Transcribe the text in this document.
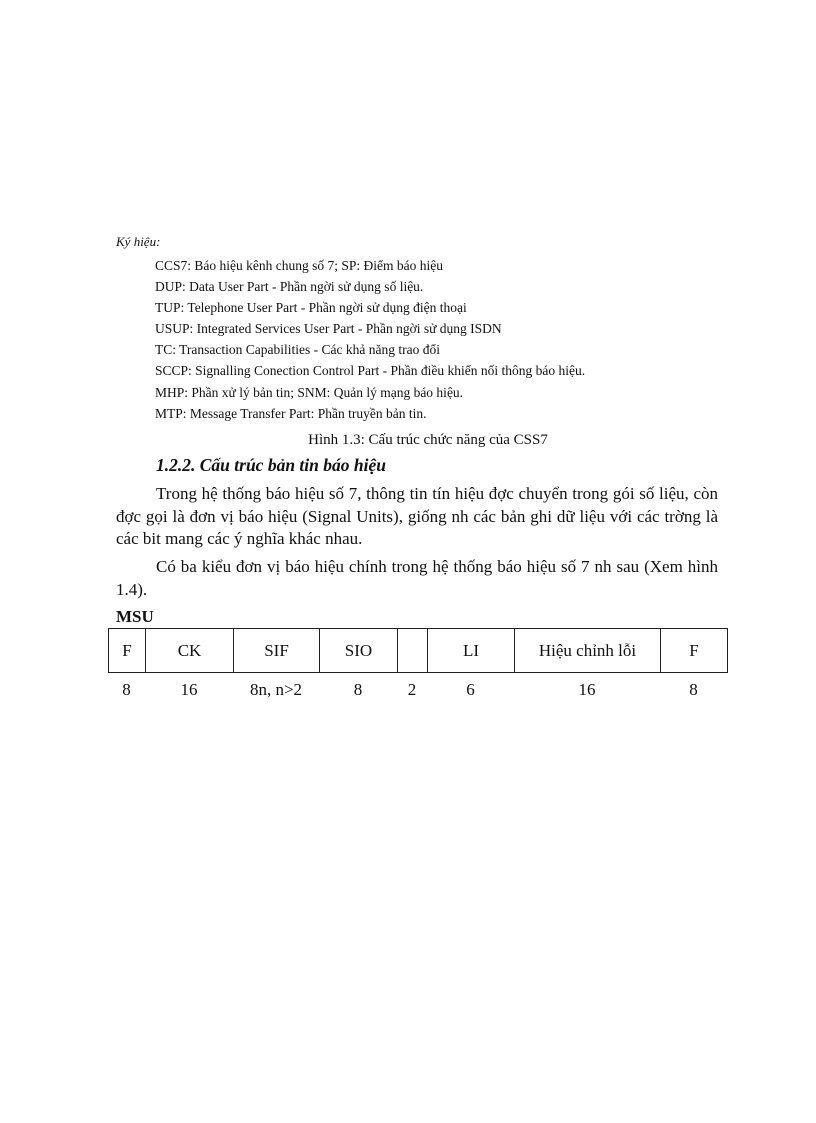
Ký hiệu:
CCS7: Báo hiệu kênh chung số 7; SP: Điểm báo hiệu
DUP: Data User Part - Phần ngời sử dụng số liệu.
TUP: Telephone User Part - Phần ngời sử dụng điện thoại
USUP: Integrated Services User Part - Phần ngời sử dụng ISDN
TC: Transaction Capabilities - Các khả năng trao đổi
SCCP: Signalling Conection Control Part - Phần điều khiển nối thông báo hiệu.
MHP: Phần xử lý bản tin; SNM: Quản lý mạng báo hiệu.
MTP: Message Transfer Part: Phần truyền bản tin.
Hình 1.3: Cấu trúc chức năng của CSS7
1.2.2. Cấu trúc bản tin báo hiệu

Trong hệ thống báo hiệu số 7, thông tin tín hiệu đợc chuyển trong gói số liệu, còn đợc gọi là đơn vị báo hiệu (Signal Units), giống nh các bản ghi dữ liệu với các trờng là các bit mang các ý nghĩa khác nhau.

Có ba kiểu đơn vị báo hiệu chính trong hệ thống báo hiệu số 7 nh sau (Xem hình 1.4).

MSU
F	CK	SIF	SIO		LI	Hiệu chỉnh lỗi	F
8	16	8n, n>2	8	2	6	16	8
